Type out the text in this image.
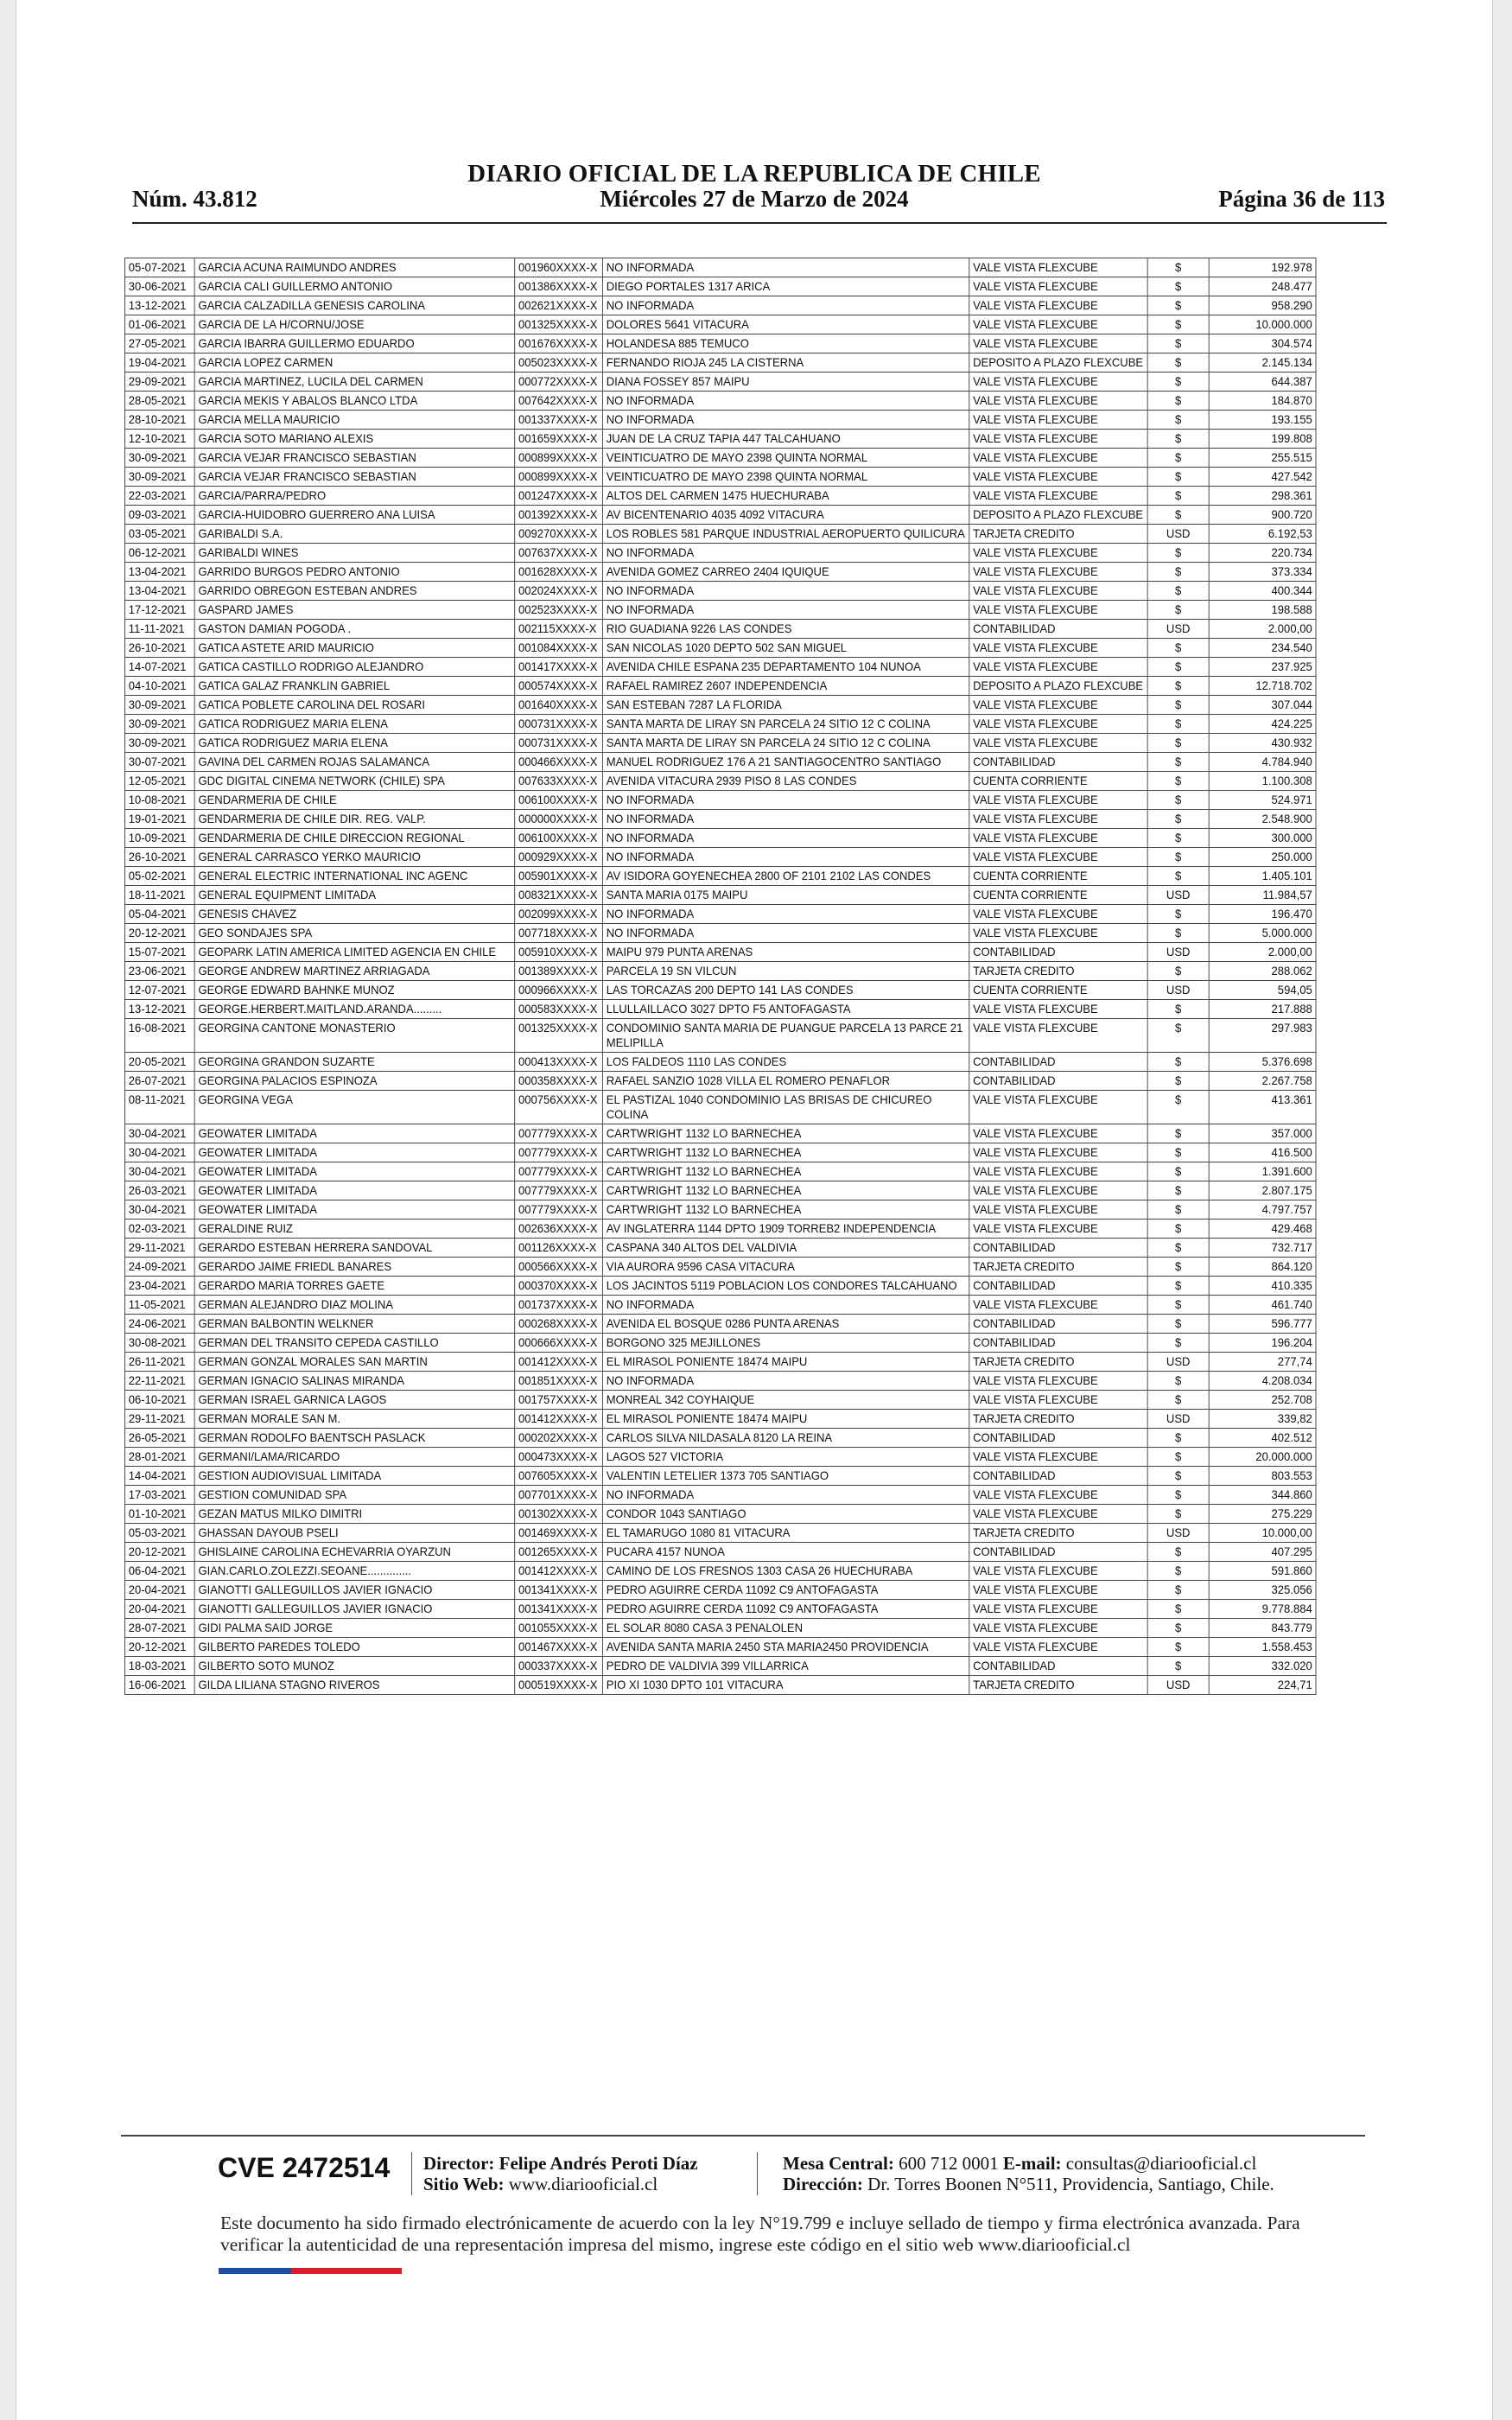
DIARIO OFICIAL DE LA REPUBLICA DE CHILE
Núm. 43.812	Miércoles 27 de Marzo de 2024	Página 36 de 113
05-07-2021	GARCIA ACUNA RAIMUNDO ANDRES	001960XXXX-X	NO INFORMADA	VALE VISTA FLEXCUBE	$	192.978
30-06-2021	GARCIA CALI GUILLERMO ANTONIO	001386XXXX-X	DIEGO PORTALES 1317 ARICA	VALE VISTA FLEXCUBE	$	248.477
13-12-2021	GARCIA CALZADILLA GENESIS CAROLINA	002621XXXX-X	NO INFORMADA	VALE VISTA FLEXCUBE	$	958.290
01-06-2021	GARCIA DE LA H/CORNU/JOSE	001325XXXX-X	DOLORES 5641 VITACURA	VALE VISTA FLEXCUBE	$	10.000.000
27-05-2021	GARCIA IBARRA GUILLERMO EDUARDO	001676XXXX-X	HOLANDESA 885 TEMUCO	VALE VISTA FLEXCUBE	$	304.574
19-04-2021	GARCIA LOPEZ CARMEN	005023XXXX-X	FERNANDO RIOJA 245 LA CISTERNA	DEPOSITO A PLAZO FLEXCUBE	$	2.145.134
29-09-2021	GARCIA MARTINEZ, LUCILA DEL CARMEN	000772XXXX-X	DIANA FOSSEY 857 MAIPU	VALE VISTA FLEXCUBE	$	644.387
28-05-2021	GARCIA MEKIS Y ABALOS BLANCO LTDA	007642XXXX-X	NO INFORMADA	VALE VISTA FLEXCUBE	$	184.870
28-10-2021	GARCIA MELLA MAURICIO	001337XXXX-X	NO INFORMADA	VALE VISTA FLEXCUBE	$	193.155
12-10-2021	GARCIA SOTO MARIANO ALEXIS	001659XXXX-X	JUAN DE LA CRUZ TAPIA 447 TALCAHUANO	VALE VISTA FLEXCUBE	$	199.808
30-09-2021	GARCIA VEJAR FRANCISCO SEBASTIAN	000899XXXX-X	VEINTICUATRO DE MAYO 2398 QUINTA NORMAL	VALE VISTA FLEXCUBE	$	255.515
30-09-2021	GARCIA VEJAR FRANCISCO SEBASTIAN	000899XXXX-X	VEINTICUATRO DE MAYO 2398 QUINTA NORMAL	VALE VISTA FLEXCUBE	$	427.542
22-03-2021	GARCIA/PARRA/PEDRO	001247XXXX-X	ALTOS DEL CARMEN 1475 HUECHURABA	VALE VISTA FLEXCUBE	$	298.361
09-03-2021	GARCIA-HUIDOBRO GUERRERO ANA LUISA	001392XXXX-X	AV BICENTENARIO 4035 4092 VITACURA	DEPOSITO A PLAZO FLEXCUBE	$	900.720
03-05-2021	GARIBALDI S.A.	009270XXXX-X	LOS ROBLES 581 PARQUE INDUSTRIAL AEROPUERTO QUILICURA	TARJETA CREDITO	USD	6.192,53
06-12-2021	GARIBALDI WINES	007637XXXX-X	NO INFORMADA	VALE VISTA FLEXCUBE	$	220.734
13-04-2021	GARRIDO BURGOS PEDRO ANTONIO	001628XXXX-X	AVENIDA GOMEZ CARREO 2404 IQUIQUE	VALE VISTA FLEXCUBE	$	373.334
13-04-2021	GARRIDO OBREGON ESTEBAN ANDRES	002024XXXX-X	NO INFORMADA	VALE VISTA FLEXCUBE	$	400.344
17-12-2021	GASPARD JAMES	002523XXXX-X	NO INFORMADA	VALE VISTA FLEXCUBE	$	198.588
11-11-2021	GASTON DAMIAN POGODA .	002115XXXX-X	RIO GUADIANA 9226 LAS CONDES	CONTABILIDAD	USD	2.000,00
26-10-2021	GATICA ASTETE ARID MAURICIO	001084XXXX-X	SAN NICOLAS 1020 DEPTO 502 SAN MIGUEL	VALE VISTA FLEXCUBE	$	234.540
14-07-2021	GATICA CASTILLO RODRIGO ALEJANDRO	001417XXXX-X	AVENIDA CHILE ESPANA 235 DEPARTAMENTO 104 NUNOA	VALE VISTA FLEXCUBE	$	237.925
04-10-2021	GATICA GALAZ FRANKLIN GABRIEL	000574XXXX-X	RAFAEL RAMIREZ 2607 INDEPENDENCIA	DEPOSITO A PLAZO FLEXCUBE	$	12.718.702
30-09-2021	GATICA POBLETE CAROLINA DEL ROSARI	001640XXXX-X	SAN ESTEBAN 7287 LA FLORIDA	VALE VISTA FLEXCUBE	$	307.044
30-09-2021	GATICA RODRIGUEZ MARIA ELENA	000731XXXX-X	SANTA MARTA DE LIRAY SN PARCELA 24 SITIO 12 C COLINA	VALE VISTA FLEXCUBE	$	424.225
30-09-2021	GATICA RODRIGUEZ MARIA ELENA	000731XXXX-X	SANTA MARTA DE LIRAY SN PARCELA 24 SITIO 12 C COLINA	VALE VISTA FLEXCUBE	$	430.932
30-07-2021	GAVINA DEL CARMEN ROJAS SALAMANCA	000466XXXX-X	MANUEL RODRIGUEZ 176 A 21 SANTIAGOCENTRO SANTIAGO	CONTABILIDAD	$	4.784.940
12-05-2021	GDC DIGITAL CINEMA NETWORK (CHILE) SPA	007633XXXX-X	AVENIDA VITACURA 2939 PISO 8 LAS CONDES	CUENTA CORRIENTE	$	1.100.308
10-08-2021	GENDARMERIA DE CHILE	006100XXXX-X	NO INFORMADA	VALE VISTA FLEXCUBE	$	524.971
19-01-2021	GENDARMERIA DE CHILE DIR. REG. VALP.	000000XXXX-X	NO INFORMADA	VALE VISTA FLEXCUBE	$	2.548.900
10-09-2021	GENDARMERIA DE CHILE DIRECCION REGIONAL	006100XXXX-X	NO INFORMADA	VALE VISTA FLEXCUBE	$	300.000
26-10-2021	GENERAL CARRASCO YERKO MAURICIO	000929XXXX-X	NO INFORMADA	VALE VISTA FLEXCUBE	$	250.000
05-02-2021	GENERAL ELECTRIC INTERNATIONAL INC AGENC	005901XXXX-X	AV ISIDORA GOYENECHEA 2800 OF 2101 2102 LAS CONDES	CUENTA CORRIENTE	$	1.405.101
18-11-2021	GENERAL EQUIPMENT LIMITADA	008321XXXX-X	SANTA MARIA 0175 MAIPU	CUENTA CORRIENTE	USD	11.984,57
05-04-2021	GENESIS CHAVEZ	002099XXXX-X	NO INFORMADA	VALE VISTA FLEXCUBE	$	196.470
20-12-2021	GEO SONDAJES SPA	007718XXXX-X	NO INFORMADA	VALE VISTA FLEXCUBE	$	5.000.000
15-07-2021	GEOPARK LATIN AMERICA LIMITED AGENCIA EN CHILE	005910XXXX-X	MAIPU 979 PUNTA ARENAS	CONTABILIDAD	USD	2.000,00
23-06-2021	GEORGE ANDREW MARTINEZ ARRIAGADA	001389XXXX-X	PARCELA 19 SN VILCUN	TARJETA CREDITO	$	288.062
12-07-2021	GEORGE EDWARD BAHNKE MUNOZ	000966XXXX-X	LAS TORCAZAS 200 DEPTO 141 LAS CONDES	CUENTA CORRIENTE	USD	594,05
13-12-2021	GEORGE.HERBERT.MAITLAND.ARANDA.........	000583XXXX-X	LLULLAILLACO 3027 DPTO F5 ANTOFAGASTA	VALE VISTA FLEXCUBE	$	217.888
16-08-2021	GEORGINA CANTONE MONASTERIO	001325XXXX-X	CONDOMINIO SANTA MARIA DE PUANGUE PARCELA 13 PARCE 21 MELIPILLA	VALE VISTA FLEXCUBE	$	297.983
20-05-2021	GEORGINA GRANDON SUZARTE	000413XXXX-X	LOS FALDEOS 1110 LAS CONDES	CONTABILIDAD	$	5.376.698
26-07-2021	GEORGINA PALACIOS ESPINOZA	000358XXXX-X	RAFAEL SANZIO 1028 VILLA EL ROMERO PENAFLOR	CONTABILIDAD	$	2.267.758
08-11-2021	GEORGINA VEGA	000756XXXX-X	EL PASTIZAL 1040 CONDOMINIO LAS BRISAS DE CHICUREO COLINA	VALE VISTA FLEXCUBE	$	413.361
30-04-2021	GEOWATER LIMITADA	007779XXXX-X	CARTWRIGHT 1132 LO BARNECHEA	VALE VISTA FLEXCUBE	$	357.000
30-04-2021	GEOWATER LIMITADA	007779XXXX-X	CARTWRIGHT 1132 LO BARNECHEA	VALE VISTA FLEXCUBE	$	416.500
30-04-2021	GEOWATER LIMITADA	007779XXXX-X	CARTWRIGHT 1132 LO BARNECHEA	VALE VISTA FLEXCUBE	$	1.391.600
26-03-2021	GEOWATER LIMITADA	007779XXXX-X	CARTWRIGHT 1132 LO BARNECHEA	VALE VISTA FLEXCUBE	$	2.807.175
30-04-2021	GEOWATER LIMITADA	007779XXXX-X	CARTWRIGHT 1132 LO BARNECHEA	VALE VISTA FLEXCUBE	$	4.797.757
02-03-2021	GERALDINE RUIZ	002636XXXX-X	AV INGLATERRA 1144 DPTO 1909 TORREB2 INDEPENDENCIA	VALE VISTA FLEXCUBE	$	429.468
29-11-2021	GERARDO ESTEBAN HERRERA SANDOVAL	001126XXXX-X	CASPANA 340 ALTOS DEL VALDIVIA	CONTABILIDAD	$	732.717
24-09-2021	GERARDO JAIME FRIEDL BANARES	000566XXXX-X	VIA AURORA 9596 CASA VITACURA	TARJETA CREDITO	$	864.120
23-04-2021	GERARDO MARIA TORRES GAETE	000370XXXX-X	LOS JACINTOS 5119 POBLACION LOS CONDORES TALCAHUANO	CONTABILIDAD	$	410.335
11-05-2021	GERMAN ALEJANDRO DIAZ MOLINA	001737XXXX-X	NO INFORMADA	VALE VISTA FLEXCUBE	$	461.740
24-06-2021	GERMAN BALBONTIN WELKNER	000268XXXX-X	AVENIDA EL BOSQUE 0286 PUNTA ARENAS	CONTABILIDAD	$	596.777
30-08-2021	GERMAN DEL TRANSITO CEPEDA CASTILLO	000666XXXX-X	BORGONO 325 MEJILLONES	CONTABILIDAD	$	196.204
26-11-2021	GERMAN GONZAL MORALES SAN MARTIN	001412XXXX-X	EL MIRASOL PONIENTE 18474 MAIPU	TARJETA CREDITO	USD	277,74
22-11-2021	GERMAN IGNACIO SALINAS MIRANDA	001851XXXX-X	NO INFORMADA	VALE VISTA FLEXCUBE	$	4.208.034
06-10-2021	GERMAN ISRAEL GARNICA LAGOS	001757XXXX-X	MONREAL 342 COYHAIQUE	VALE VISTA FLEXCUBE	$	252.708
29-11-2021	GERMAN MORALE SAN M.	001412XXXX-X	EL MIRASOL PONIENTE 18474 MAIPU	TARJETA CREDITO	USD	339,82
26-05-2021	GERMAN RODOLFO BAENTSCH PASLACK	000202XXXX-X	CARLOS SILVA NILDASALA 8120 LA REINA	CONTABILIDAD	$	402.512
28-01-2021	GERMANI/LAMA/RICARDO	000473XXXX-X	LAGOS 527 VICTORIA	VALE VISTA FLEXCUBE	$	20.000.000
14-04-2021	GESTION AUDIOVISUAL LIMITADA	007605XXXX-X	VALENTIN LETELIER 1373 705 SANTIAGO	CONTABILIDAD	$	803.553
17-03-2021	GESTION COMUNIDAD SPA	007701XXXX-X	NO INFORMADA	VALE VISTA FLEXCUBE	$	344.860
01-10-2021	GEZAN MATUS MILKO DIMITRI	001302XXXX-X	CONDOR 1043 SANTIAGO	VALE VISTA FLEXCUBE	$	275.229
05-03-2021	GHASSAN DAYOUB PSELI	001469XXXX-X	EL TAMARUGO 1080 81 VITACURA	TARJETA CREDITO	USD	10.000,00
20-12-2021	GHISLAINE CAROLINA ECHEVARRIA OYARZUN	001265XXXX-X	PUCARA 4157 NUNOA	CONTABILIDAD	$	407.295
06-04-2021	GIAN.CARLO.ZOLEZZI.SEOANE..............	001412XXXX-X	CAMINO DE LOS FRESNOS 1303 CASA 26 HUECHURABA	VALE VISTA FLEXCUBE	$	591.860
20-04-2021	GIANOTTI GALLEGUILLOS JAVIER IGNACIO	001341XXXX-X	PEDRO AGUIRRE CERDA 11092 C9 ANTOFAGASTA	VALE VISTA FLEXCUBE	$	325.056
20-04-2021	GIANOTTI GALLEGUILLOS JAVIER IGNACIO	001341XXXX-X	PEDRO AGUIRRE CERDA 11092 C9 ANTOFAGASTA	VALE VISTA FLEXCUBE	$	9.778.884
28-07-2021	GIDI PALMA SAID JORGE	001055XXXX-X	EL SOLAR 8080 CASA 3 PENALOLEN	VALE VISTA FLEXCUBE	$	843.779
20-12-2021	GILBERTO PAREDES TOLEDO	001467XXXX-X	AVENIDA SANTA MARIA 2450 STA MARIA2450 PROVIDENCIA	VALE VISTA FLEXCUBE	$	1.558.453
18-03-2021	GILBERTO SOTO MUNOZ	000337XXXX-X	PEDRO DE VALDIVIA 399 VILLARRICA	CONTABILIDAD	$	332.020
16-06-2021	GILDA LILIANA STAGNO RIVEROS	000519XXXX-X	PIO XI 1030 DPTO 101 VITACURA	TARJETA CREDITO	USD	224,71
CVE 2472514 Director: Felipe Andrés Peroti Díaz
Sitio Web: www.diariooficial.cl
Mesa Central: 600 712 0001 E-mail: consultas@diariooficial.cl
Dirección: Dr. Torres Boonen N°511, Providencia, Santiago, Chile.
Este documento ha sido firmado electrónicamente de acuerdo con la ley N°19.799 e incluye sellado de tiempo y firma electrónica avanzada. Para verificar la autenticidad de una representación impresa del mismo, ingrese este código en el sitio web www.diariooficial.cl
